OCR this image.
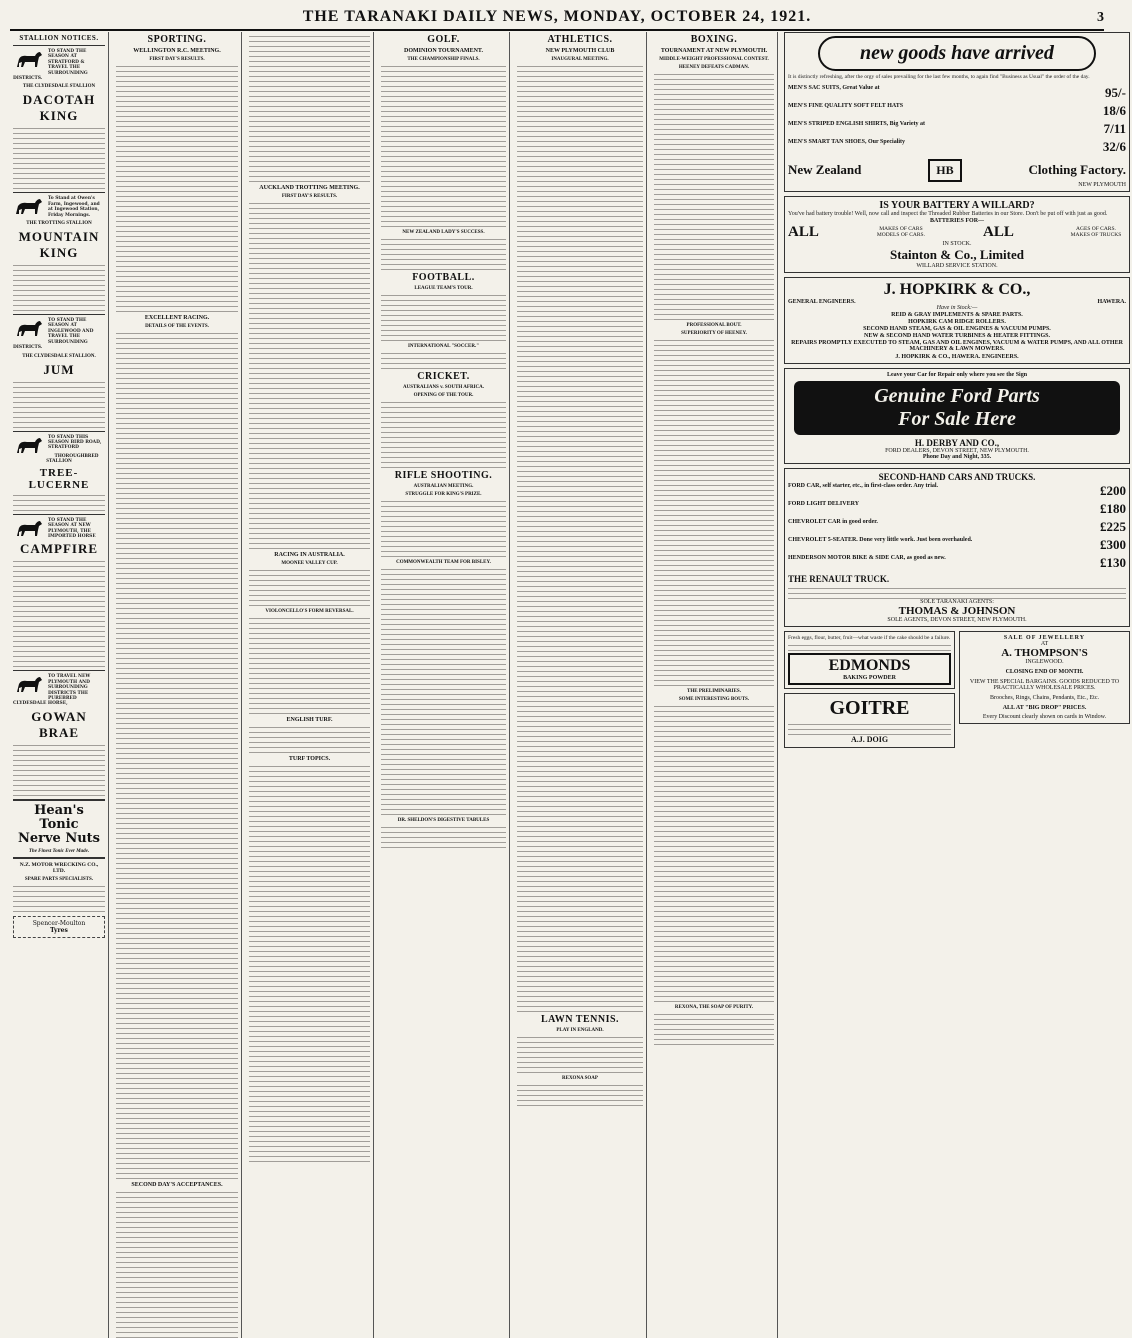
THE TARANAKI DAILY NEWS, MONDAY, OCTOBER 24, 1921.	3
STALLION NOTICES.
TO STAND THE SEASON AT STRATFORD & TRAVEL THE SURROUNDING DISTRICTS.
THE CLYDESDALE STALLION
DACOTAH KING
To Stand at Owen's Farm, Ingewood, and at Ingewood Station, Friday Mornings.
THE TROTTING STALLION
MOUNTAIN KING
TO STAND THE SEASON AT INGLEWOOD AND TRAVEL THE SURROUNDING DISTRICTS.
THE CLYDESDALE STALLION.
JUM
TO STAND THIS SEASON BIRD ROAD, STRATFORD
THOROUGHBRED STALLION
TREE-LUCERNE
TO STAND THE SEASON AT NEW PLYMOUTH, THE IMPORTED HORSE
CAMPFIRE
TO TRAVEL NEW PLYMOUTH AND SURROUNDING DISTRICTS THE PUREBRED CLYDESDALE HORSE,
GOWAN BRAE
Hean's Tonic
Nerve Nuts
The Finest Tonic Ever Made.
N.Z. MOTOR WRECKING CO., LTD.
SPARE PARTS SPECIALISTS.
Spencer-Moulton
Tyres
SPORTING.
WELLINGTON R.C. MEETING.
FIRST DAY'S RESULTS.
EXCELLENT RACING.
DETAILS OF THE EVENTS.
SECOND DAY'S ACCEPTANCES.
AUCKLAND TROTTING MEETING.
FIRST DAY'S RESULTS.
RACING IN AUSTRALIA.
MOONEE VALLEY CUP.
VIOLONCELLO'S FORM REVERSAL.
ENGLISH TURF.
TURF TOPICS.
GOLF.
DOMINION TOURNAMENT.
THE CHAMPIONSHIP FINALS.
NEW ZEALAND LADY'S SUCCESS.
FOOTBALL.
LEAGUE TEAM'S TOUR.
INTERNATIONAL "SOCCER."
CRICKET.
AUSTRALIANS v. SOUTH AFRICA.
OPENING OF THE TOUR.
RIFLE SHOOTING.
AUSTRALIAN MEETING.
STRUGGLE FOR KING'S PRIZE.
COMMONWEALTH TEAM FOR BISLEY.
DR. SHELDON'S DIGESTIVE TABULES
ATHLETICS.
NEW PLYMOUTH CLUB
INAUGURAL MEETING.
LAWN TENNIS.
PLAY IN ENGLAND.
REXONA SOAP
BOXING.
TOURNAMENT AT NEW PLYMOUTH.
MIDDLE-WEIGHT PROFESSIONAL CONTEST.
HEENEY DEFEATS CADMAN.
PROFESSIONAL BOUT.
SUPERIORITY OF HEENEY.
THE PRELIMINARIES.
SOME INTERESTING BOUTS.
REXONA, THE SOAP OF PURITY.
new goods have arrived
It is distinctly refreshing, after the orgy of sales prevailing for the last few months, to again find "Business as Usual" the order of the day.
MEN'S SAC SUITS, Great Value at	95/-
MEN'S FINE QUALITY SOFT FELT HATS	18/6
MEN'S STRIPED ENGLISH SHIRTS, Big Variety at	7/11
MEN'S SMART TAN SHOES, Our Speciality	32/6
New Zealand	HB	Clothing Factory.
NEW PLYMOUTH
IS YOUR BATTERY A WILLARD?
You've had battery trouble! Well, now call and inspect the Threaded Rubber Batteries in our Store. Don't be put off with just as good.
BATTERIES FOR—
ALL	MAKES OF CARS MODELS OF CARS.	ALL	AGES OF CARS. MAKES OF TRUCKS
IN STOCK.
Stainton & Co., Limited
WILLARD SERVICE STATION.
J. HOPKIRK & CO.,
GENERAL ENGINEERS.	HAWERA.
Have in Stock:—
REID & GRAY IMPLEMENTS & SPARE PARTS.
HOPKIRK CAM RIDGE ROLLERS.
SECOND HAND STEAM, GAS & OIL ENGINES & VACUUM PUMPS.
NEW & SECOND HAND WATER TURBINES & HEATER FITTINGS.
REPAIRS PROMPTLY EXECUTED TO STEAM, GAS AND OIL ENGINES, VACUUM & WATER PUMPS, AND ALL OTHER MACHINERY & LAWN MOWERS.
J. HOPKIRK & CO., HAWERA. ENGINEERS.
Leave your Car for Repair only where you see the Sign
Genuine Ford Parts
For Sale Here
H. DERBY AND CO.,
FORD DEALERS, DEVON STREET, NEW PLYMOUTH.
Phone Day and Night, 335.
SECOND-HAND CARS AND TRUCKS.
FORD CAR, self starter, etc., in first-class order. Any trial.	£200
FORD LIGHT DELIVERY	£180
CHEVROLET CAR in good order.	£225
CHEVROLET 5-SEATER. Done very little work. Just been overhauled.	£300
HENDERSON MOTOR BIKE & SIDE CAR, as good as new.	£130
THE RENAULT TRUCK.
SOLE TARANAKI AGENTS:
THOMAS & JOHNSON
SOLE AGENTS, DEVON STREET, NEW PLYMOUTH.
Fresh eggs, flour, butter, fruit—what waste if the cake should be a failure.
EDMONDS
BAKING POWDER
GOITRE
A.J. DOIG
SALE OF JEWELLERY
AT
A. THOMPSON'S
INGLEWOOD.
CLOSING END OF MONTH.
VIEW THE SPECIAL BARGAINS. GOODS REDUCED TO PRACTICALLY WHOLESALE PRICES.
Brooches, Rings, Chains, Pendants, Etc., Etc.
ALL AT "BIG DROP" PRICES.
Every Discount clearly shown on cards in Window.
